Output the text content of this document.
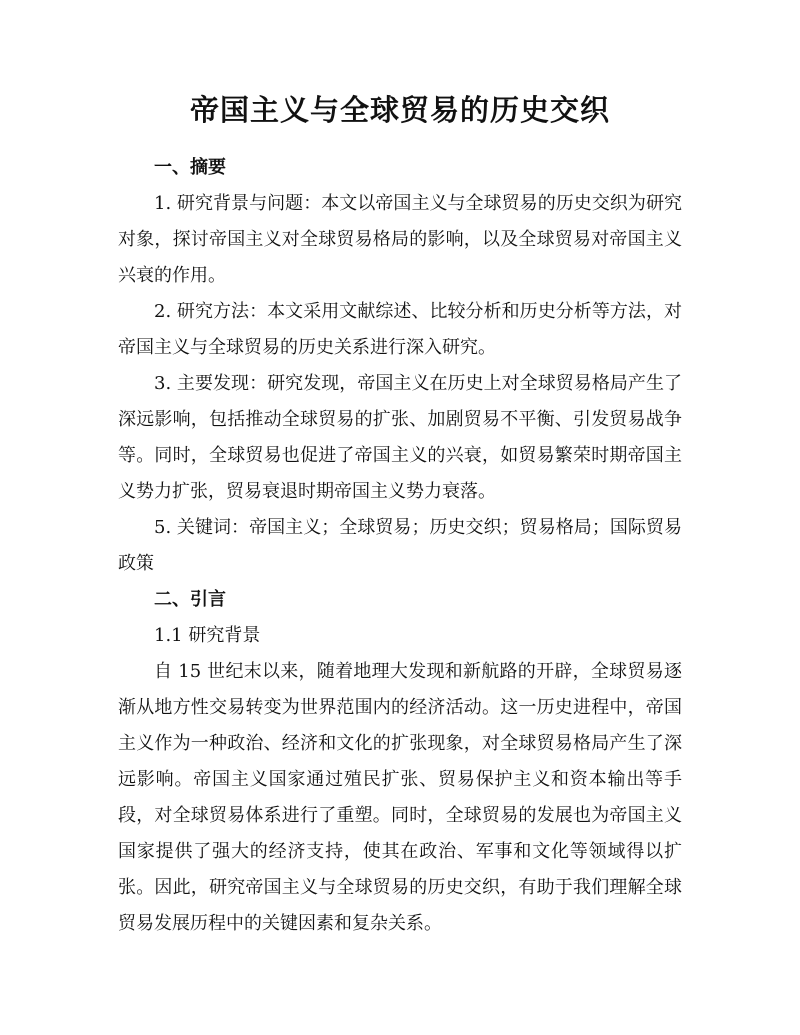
帝国主义与全球贸易的历史交织
一、摘要

1. 研究背景与问题：本文以帝国主义与全球贸易的历史交织为研究对象，探讨帝国主义对全球贸易格局的影响，以及全球贸易对帝国主义兴衰的作用。

2. 研究方法：本文采用文献综述、比较分析和历史分析等方法，对帝国主义与全球贸易的历史关系进行深入研究。

3. 主要发现：研究发现，帝国主义在历史上对全球贸易格局产生了深远影响，包括推动全球贸易的扩张、加剧贸易不平衡、引发贸易战争等。同时，全球贸易也促进了帝国主义的兴衰，如贸易繁荣时期帝国主义势力扩张，贸易衰退时期帝国主义势力衰落。

5. 关键词：帝国主义；全球贸易；历史交织；贸易格局；国际贸易政策

二、引言

1.1 研究背景

自 15 世纪末以来，随着地理大发现和新航路的开辟，全球贸易逐渐从地方性交易转变为世界范围内的经济活动。这一历史进程中，帝国主义作为一种政治、经济和文化的扩张现象，对全球贸易格局产生了深远影响。帝国主义国家通过殖民扩张、贸易保护主义和资本输出等手段，对全球贸易体系进行了重塑。同时，全球贸易的发展也为帝国主义国家提供了强大的经济支持，使其在政治、军事和文化等领域得以扩张。因此，研究帝国主义与全球贸易的历史交织，有助于我们理解全球贸易发展历程中的关键因素和复杂关系。
